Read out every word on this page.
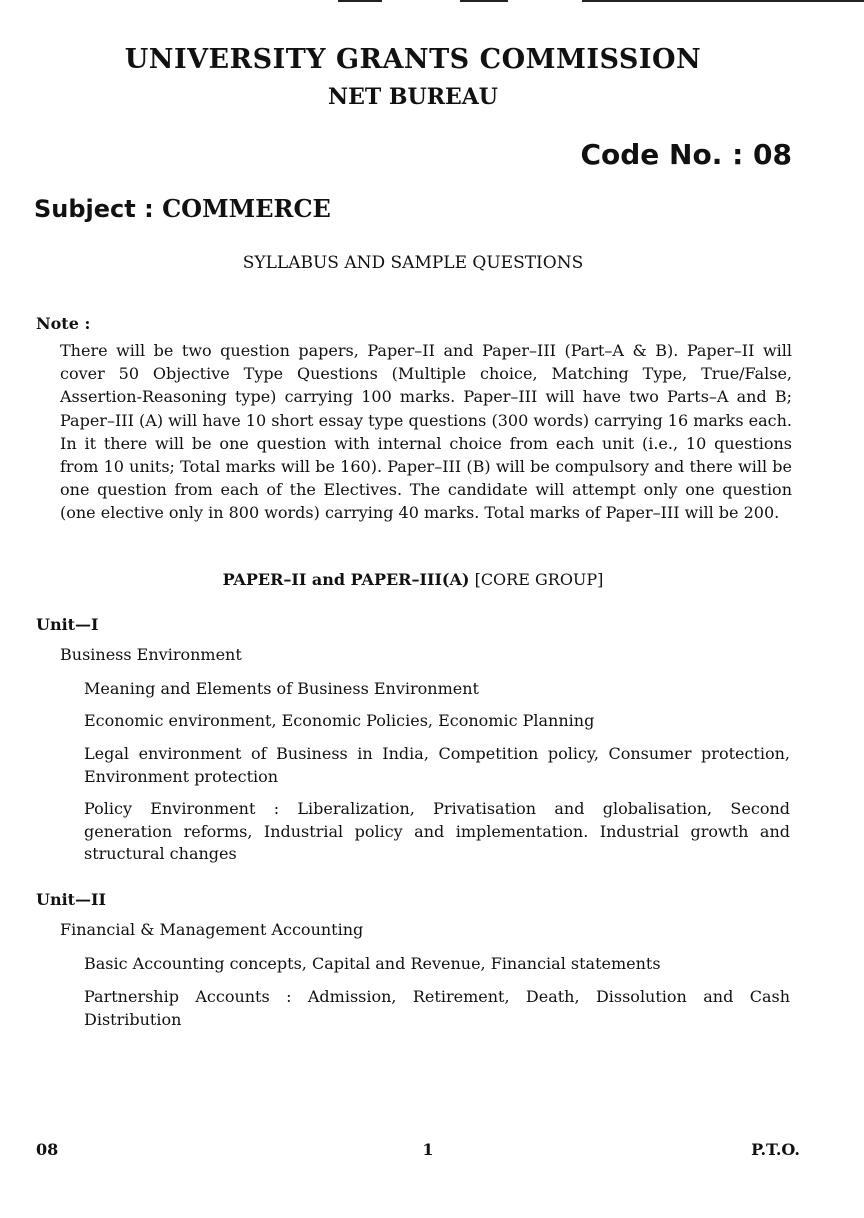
UNIVERSITY GRANTS COMMISSION
NET BUREAU
Code No. : 08
Subject : COMMERCE
SYLLABUS AND SAMPLE QUESTIONS
Note :
There will be two question papers, Paper–II and Paper–III (Part–A & B). Paper–II will cover 50 Objective Type Questions (Multiple choice, Matching Type, True/False, Assertion-Reasoning type) carrying 100 marks. Paper–III will have two Parts–A and B; Paper–III (A) will have 10 short essay type questions (300 words) carrying 16 marks each. In it there will be one question with internal choice from each unit (i.e., 10 questions from 10 units; Total marks will be 160). Paper–III (B) will be compulsory and there will be one question from each of the Electives. The candidate will attempt only one question (one elective only in 800 words) carrying 40 marks. Total marks of Paper–III will be 200.
PAPER–II and PAPER–III(A) [CORE GROUP]
Unit—I
Business Environment
Meaning and Elements of Business Environment
Economic environment, Economic Policies, Economic Planning
Legal environment of Business in India, Competition policy, Consumer protection, Environment protection
Policy Environment : Liberalization, Privatisation and globalisation, Second generation reforms, Industrial policy and implementation. Industrial growth and structural changes
Unit—II
Financial & Management Accounting
Basic Accounting concepts, Capital and Revenue, Financial statements
Partnership Accounts : Admission, Retirement, Death, Dissolution and Cash Distribution
08	1	P.T.O.
